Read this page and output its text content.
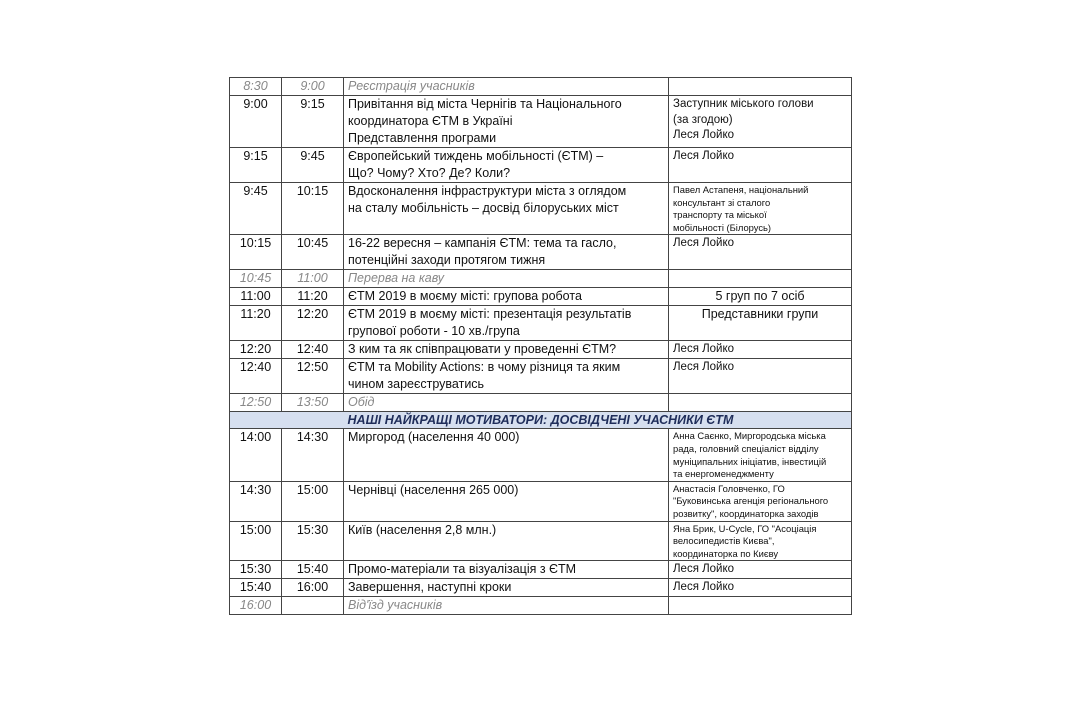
8:30	9:00	Реєстрація учасників	

9:00	9:15	Привітання від міста Чернігів та Національного
координатора ЄТМ в Україні
Представлення програми	Заступник міського голови
(за згодою)
Леся Лойко

9:15	9:45	Європейський тиждень мобільності (ЄТМ) –
Що? Чому? Хто? Де? Коли?	Леся Лойко

9:45	10:15	Вдосконалення інфраструктури міста з оглядом
на сталу мобільність – досвід білоруських міст	Павел Астапеня, національний
консультант зі сталого
транспорту та міської
мобільності (Білорусь)

10:15	10:45	16-22 вересня – кампанія ЄТМ: тема та гасло,
потенційні заходи протягом тижня	Леся Лойко

10:45	11:00	Перерва на каву	

11:00	11:20	ЄТМ 2019 в моєму місті: групова робота	5 груп по 7 осіб

11:20	12:20	ЄТМ 2019 в моєму місті: презентація результатів
групової роботи - 10 хв./група	Представники групи

12:20	12:40	З ким та як співпрацювати у проведенні ЄТМ?	Леся Лойко

12:40	12:50	ЄТМ та Mobility Actions: в чому різниця та яким
чином зареєструватись	Леся Лойко

12:50	13:50	Обід	

НАШІ НАЙКРАЩІ МОТИВАТОРИ: ДОСВІДЧЕНІ УЧАСНИКИ ЄТМ			
14:00	14:30	Миргород (населення 40 000)	Анна Саєнко, Миргородська міська
рада, головний спеціаліст відділу
муніципальних ініціатив, інвестицій
та енергоменеджменту

14:30	15:00	Чернівці (населення 265 000)	Анастасія Головченко, ГО
"Буковинська агенція регіонального
розвитку", координаторка заходів

15:00	15:30	Київ (населення 2,8 млн.)	Яна Брик, U-Cycle, ГО "Асоціація
велосипедистів Києва",
координаторка по Києву

15:30	15:40	Промо-матеріали та візуалізація з ЄТМ	Леся Лойко

15:40	16:00	Завершення, наступні кроки	Леся Лойко

16:00		Від'їзд учасників	
